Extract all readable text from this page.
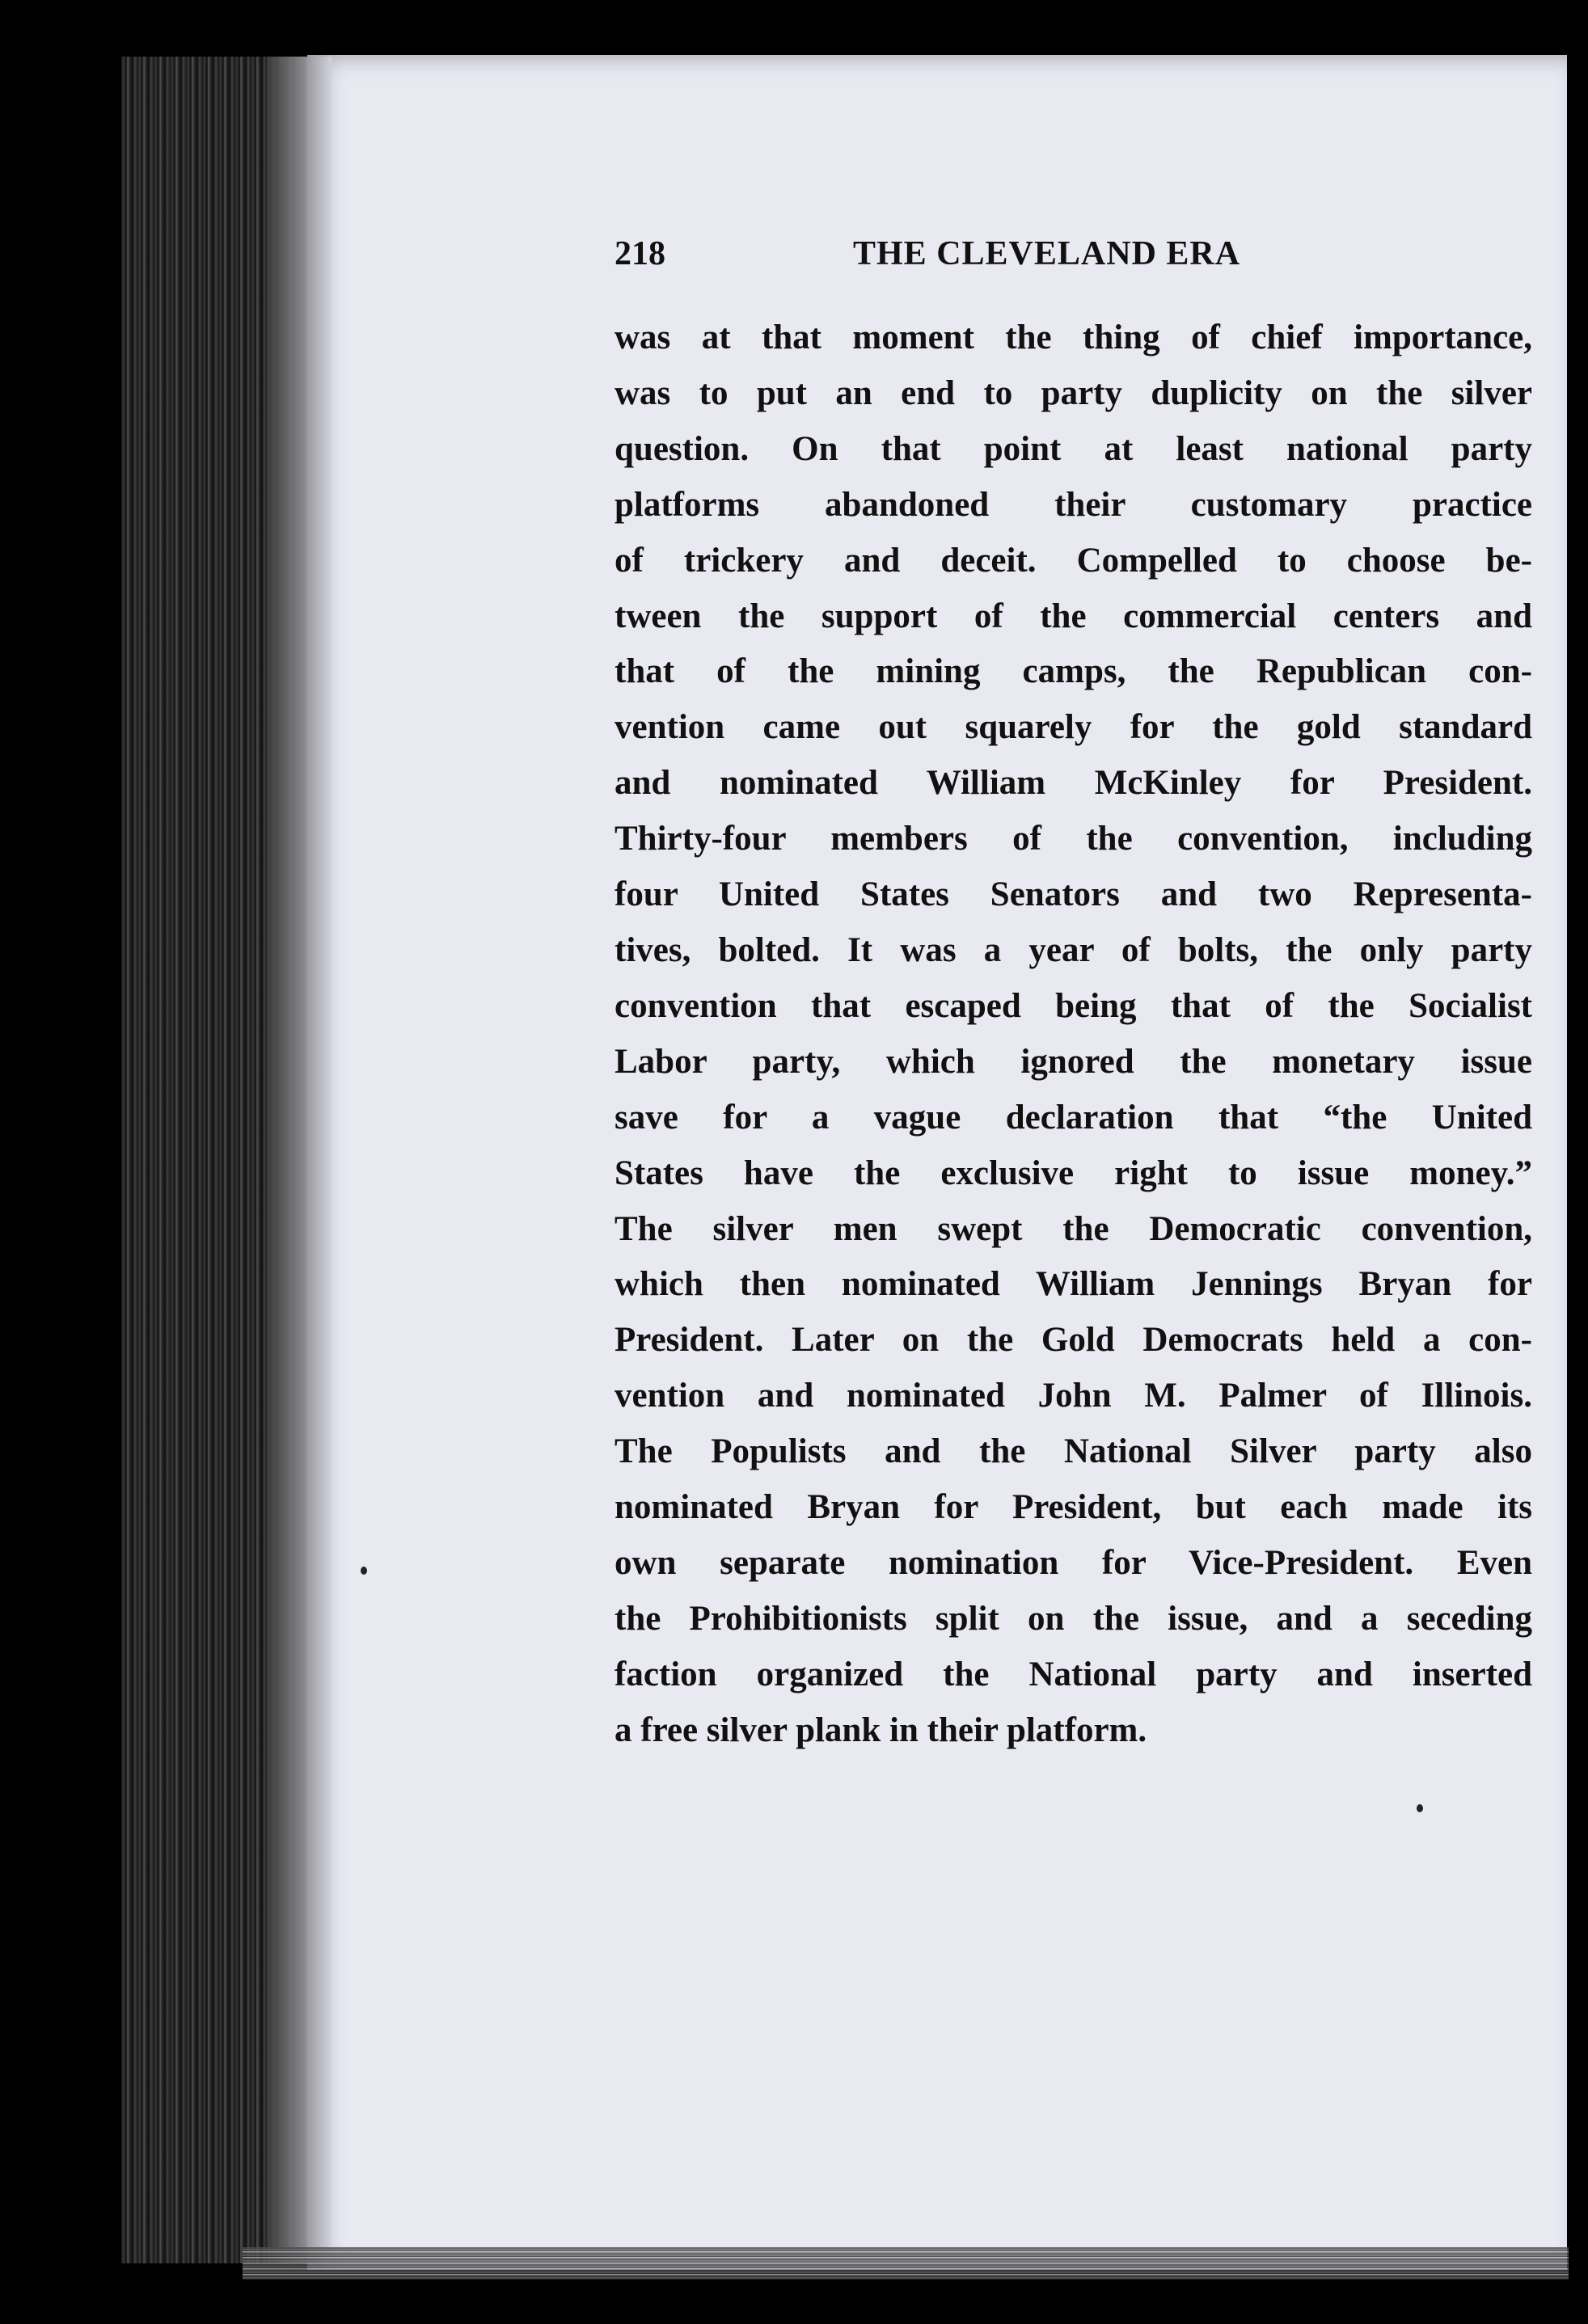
218	THE CLEVELAND ERA
was at that moment the thing of chief importance,
was to put an end to party duplicity on the silver
question. On that point at least national party
platforms abandoned their customary practice
of trickery and deceit. Compelled to choose be-
tween the support of the commercial centers and
that of the mining camps, the Republican con-
vention came out squarely for the gold standard
and nominated William McKinley for President.
Thirty-four members of the convention, including
four United States Senators and two Representa-
tives, bolted. It was a year of bolts, the only party
convention that escaped being that of the Socialist
Labor party, which ignored the monetary issue
save for a vague declaration that “the United
States have the exclusive right to issue money.”
The silver men swept the Democratic convention,
which then nominated William Jennings Bryan for
President. Later on the Gold Democrats held a con-
vention and nominated John M. Palmer of Illinois.
The Populists and the National Silver party also
nominated Bryan for President, but each made its
own separate nomination for Vice-President. Even
the Prohibitionists split on the issue, and a seceding
faction organized the National party and inserted
a free silver plank in their platform.
